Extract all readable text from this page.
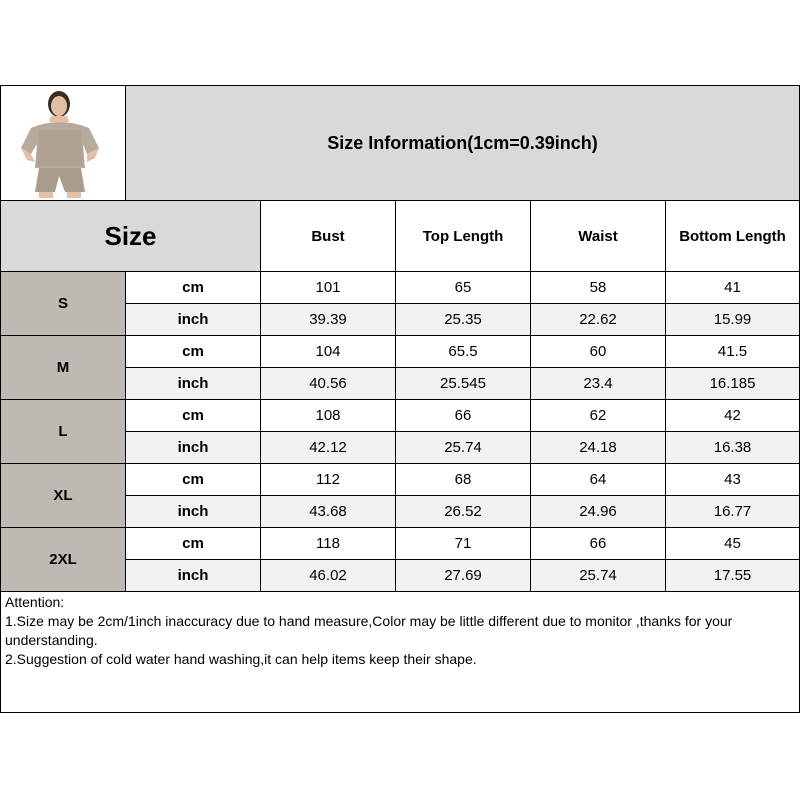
	Size Information(1cm=0.39inch)				
Size		Bust	Top Length	Waist	Bottom Length
S	cm	101	65	58	41
	inch	39.39	25.35	22.62	15.99
M	cm	104	65.5	60	41.5
	inch	40.56	25.545	23.4	16.185
L	cm	108	66	62	42
	inch	42.12	25.74	24.18	16.38
XL	cm	112	68	64	43
	inch	43.68	26.52	24.96	16.77
2XL	cm	118	71	66	45
	inch	46.02	27.69	25.74	17.55

Attention:
1.Size may be 2cm/1inch inaccuracy due to hand measure,Color may be little different due to monitor ,thanks for your understanding.
2.Suggestion of cold water hand washing,it can help items keep their shape.					
